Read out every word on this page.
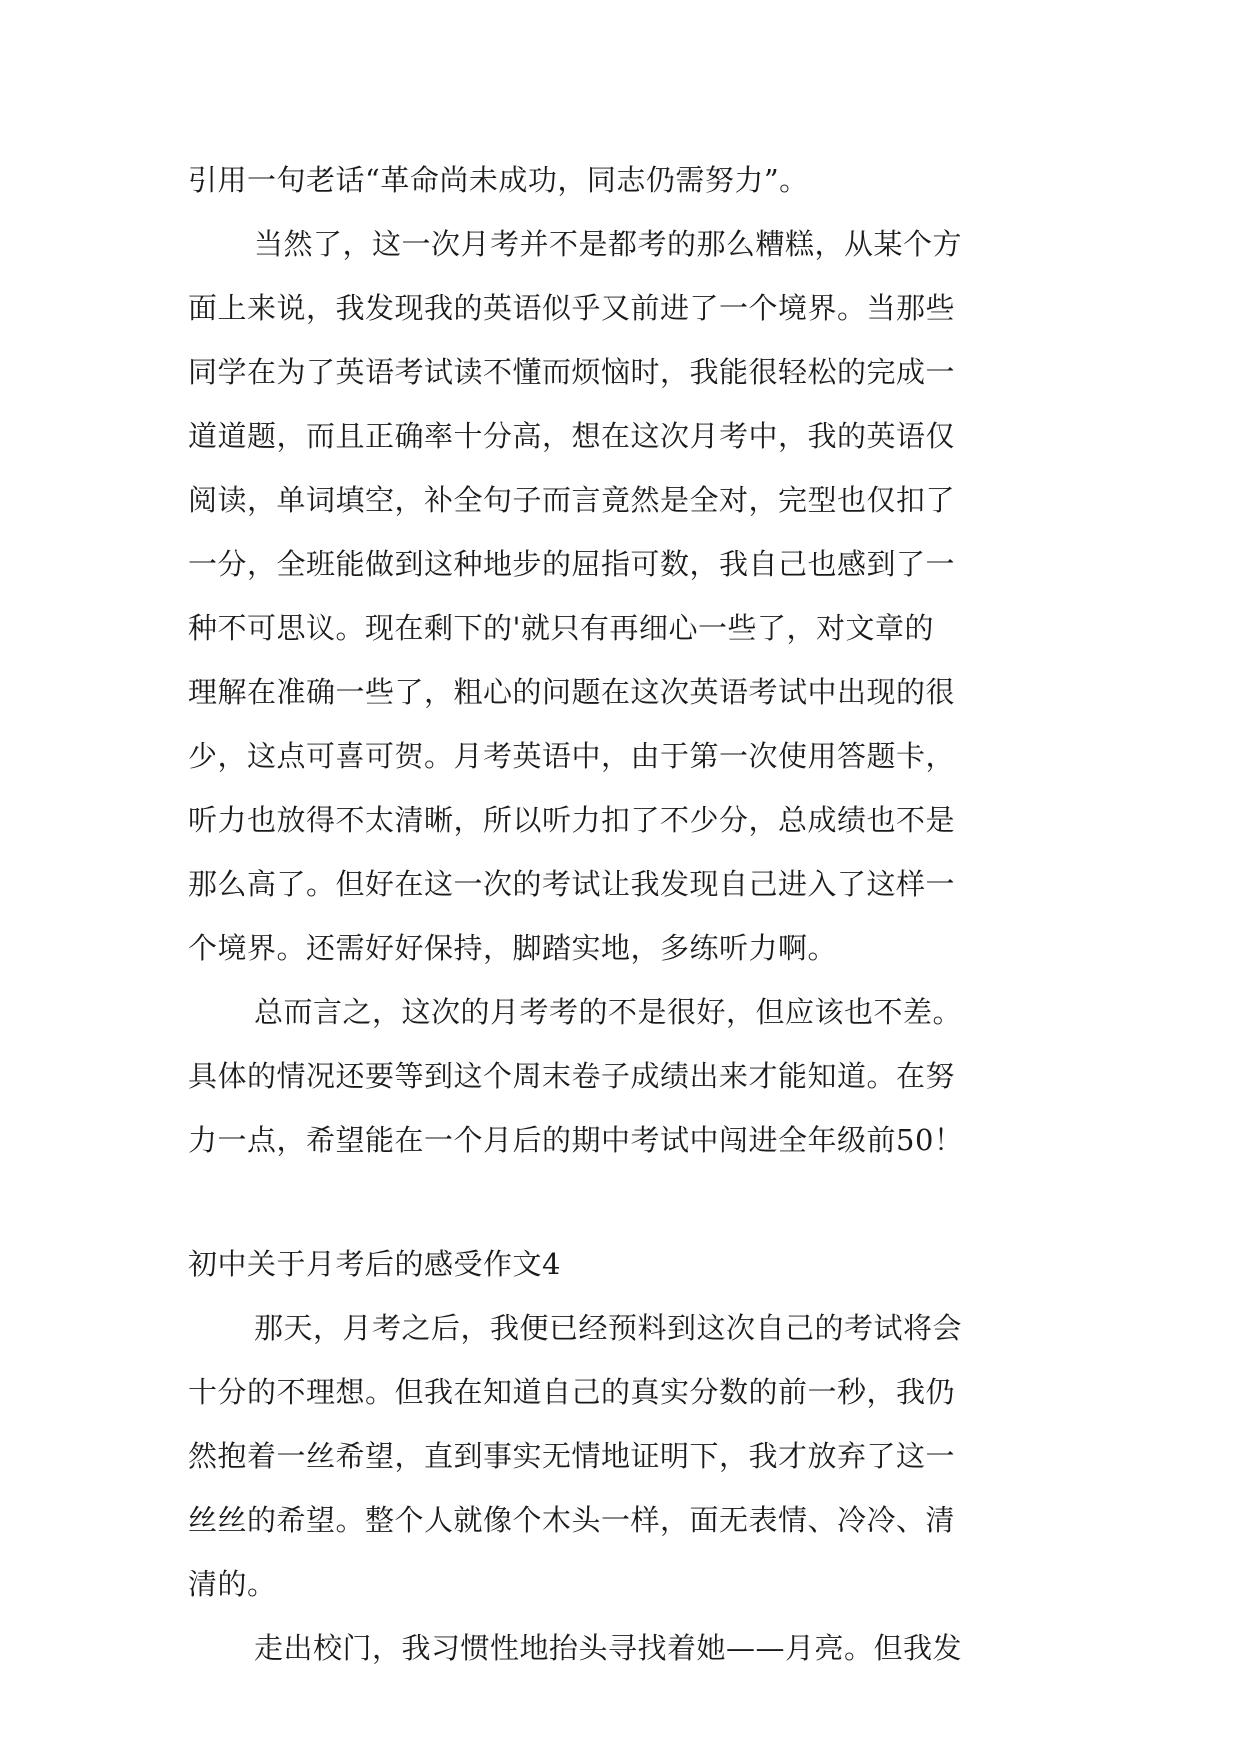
引用一句老话“革命尚未成功，同志仍需努力”。
当然了，这一次月考并不是都考的那么糟糕，从某个方
面上来说，我发现我的英语似乎又前进了一个境界。当那些
同学在为了英语考试读不懂而烦恼时，我能很轻松的完成一
道道题，而且正确率十分高，想在这次月考中，我的英语仅
阅读，单词填空，补全句子而言竟然是全对，完型也仅扣了
一分，全班能做到这种地步的屈指可数，我自己也感到了一
种不可思议。现在剩下的'就只有再细心一些了，对文章的
理解在准确一些了，粗心的问题在这次英语考试中出现的很
少，这点可喜可贺。月考英语中，由于第一次使用答题卡，
听力也放得不太清晰，所以听力扣了不少分，总成绩也不是
那么高了。但好在这一次的考试让我发现自己进入了这样一
个境界。还需好好保持，脚踏实地，多练听力啊。
总而言之，这次的月考考的不是很好，但应该也不差。
具体的情况还要等到这个周末卷子成绩出来才能知道。在努
力一点，希望能在一个月后的期中考试中闯进全年级前50！
初中关于月考后的感受作文4
那天，月考之后，我便已经预料到这次自己的考试将会
十分的不理想。但我在知道自己的真实分数的前一秒，我仍
然抱着一丝希望，直到事实无情地证明下，我才放弃了这一
丝丝的希望。整个人就像个木头一样，面无表情、冷冷、清
清的。
走出校门，我习惯性地抬头寻找着她——月亮。但我发
